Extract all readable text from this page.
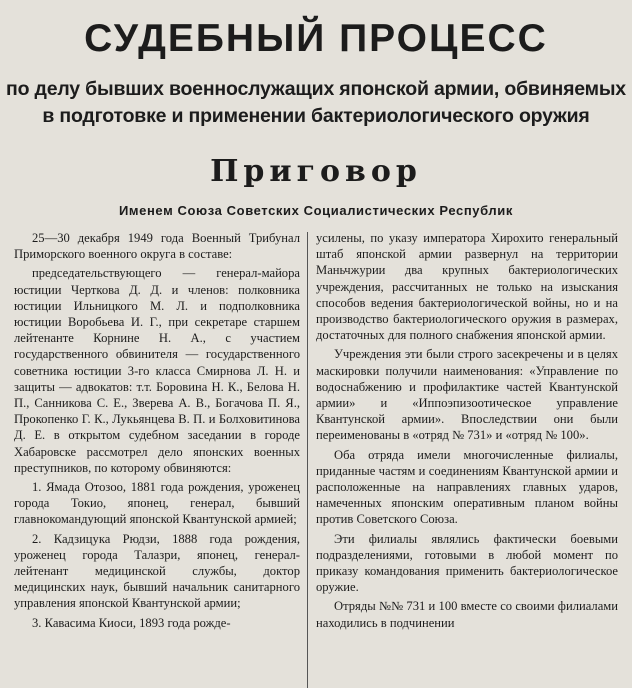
СУДЕБНЫЙ ПРОЦЕСС
по делу бывших военнослужащих японской армии, обвиняемых
в подготовке и применении бактериологического оружия
Приговор
Именем Союза Советских Социалистических Республик

25—30 декабря 1949 года Военный Трибунал Приморского военного округа в составе:

председательствующего — генерал-майора юстиции Черткова Д. Д. и членов: полковника юстиции Ильницкого М. Л. и подполковника юстиции Воробьева И. Г., при секретаре старшем лейтенанте Корнине Н. А., с участием государственного обвинителя — государственного советника юстиции 3-го класса Смирнова Л. Н. и защиты — адвокатов: т.т. Боровина Н. К., Белова Н. П., Санникова С. Е., Зверева А. В., Богачова П. Я., Прокопенко Г. К., Лукьянцева В. П. и Болховитинова Д. Е. в открытом судебном заседании в городе Хабаровске рассмотрел дело японских военных преступников, по которому обвиняются:

1. Ямада Отозоо, 1881 года рождения, уроженец города Токио, японец, генерал, бывший главнокомандующий японской Квантунской армией;

2. Кадзицука Рюдзи, 1888 года рождения, уроженец города Талазри, японец, генерал-лейтенант медицинской службы, доктор медицинских наук, бывший начальник санитарного управления японской Квантунской армии;

3. Кавасима Киоси, 1893 года рожде-

усилены, по указу императора Хирохито генеральный штаб японской армии развернул на территории Маньчжурии два крупных бактериологических учреждения, рассчитанных не только на изыскания способов ведения бактериологической войны, но и на производство бактериологического оружия в размерах, достаточных для полного снабжения японской армии.

Учреждения эти были строго засекречены и в целях маскировки получили наименования: «Управление по водоснабжению и профилактике частей Квантунской армии» и «Иппоэпизоотическое управление Квантунской армии». Впоследствии они были переименованы в «отряд № 731» и «отряд № 100».

Оба отряда имели многочисленные филиалы, приданные частям и соединениям Квантунской армии и расположенные на направлениях главных ударов, намеченных японским оперативным планом войны против Советского Союза.

Эти филиалы являлись фактически боевыми подразделениями, готовыми в любой момент по приказу командования применить бактериологическое оружие.

Отряды №№ 731 и 100 вместе со своими филиалами находились в подчинении
